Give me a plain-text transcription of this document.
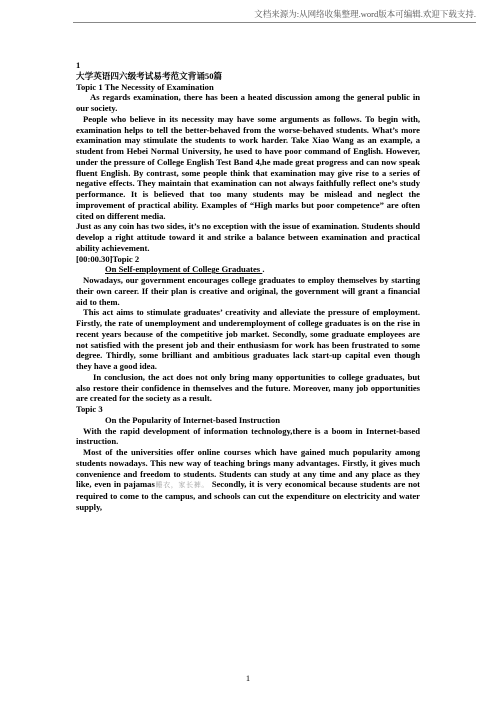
文档来源为:从网络收集整理.word版本可编辑.欢迎下载支持.

1

大学英语四六级考试易考范文背诵50篇

Topic 1 The Necessity of Examination

As regards examination, there has been a heated discussion among the general public in our society.

People who believe in its necessity may have some arguments as follows. To begin with, examination helps to tell the better-behaved from the worse-behaved students. What’s more examination may stimulate the students to work harder. Take Xiao Wang as an example, a student from Hebei Normal University, he used to have poor command of English. However, under the pressure of College English Test Band 4,he made great progress and can now speak fluent English. By contrast, some people think that examination may give rise to a series of negative effects. They maintain that examination can not always faithfully reflect one’s study performance. It is believed that too many students may be mislead and neglect the improvement of practical ability. Examples of “High marks but poor competence” are often cited on different media.

Just as any coin has two sides, it’s no exception with the issue of examination. Students should develop a right attitude toward it and strike a balance between examination and practical ability achievement.

[00:00.30]Topic 2

On Self-employment of College Graduates .

Nowadays, our government encourages college graduates to employ themselves by starting their own career. If their plan is creative and original, the government will grant a financial aid to them.

This act aims to stimulate graduates’ creativity and alleviate the pressure of employment. Firstly, the rate of unemployment and underemployment of college graduates is on the rise in recent years because of the competitive job market. Secondly, some graduate employees are not satisfied with the present job and their enthusiasm for work has been frustrated to some degree. Thirdly, some brilliant and ambitious graduates lack start-up capital even though they have a good idea.

In conclusion, the act does not only bring many opportunities to college graduates, but also restore their confidence in themselves and the future. Moreover, many job opportunities are created for the society as a result.

Topic 3

On the Popularity of Internet-based Instruction

With the rapid development of information technology,there is a boom in Internet-based instruction.

Most of the universities offer online courses which have gained much popularity among students nowadays. This new way of teaching brings many advantages. Firstly, it gives much convenience and freedom to students. Students can study at any time and any place as they like, even in pajamas睡衣，家长裤。 Secondly, it is very economical because students are not required to come to the campus, and schools can cut the expenditure on electricity and water supply,

1
